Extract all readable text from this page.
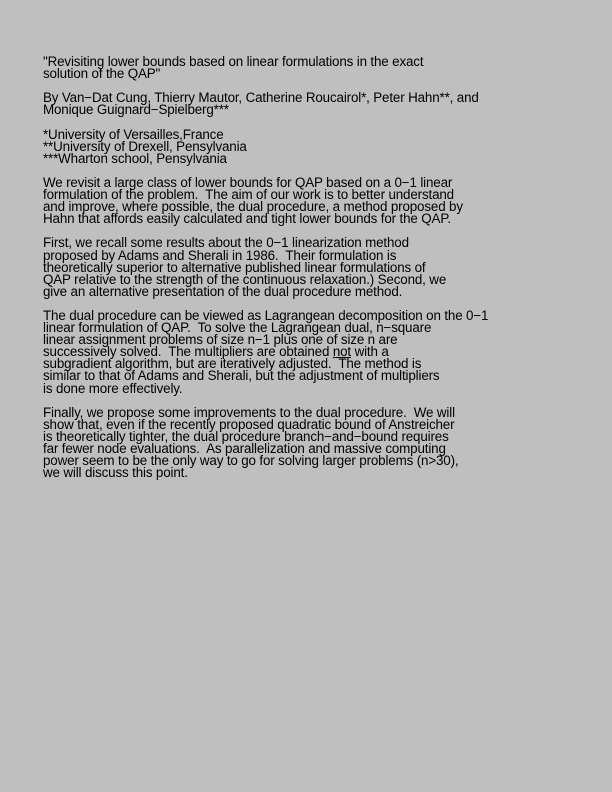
"Revisiting lower bounds based on linear formulations in the exact
solution of the QAP"
By Van−Dat Cung, Thierry Mautor, Catherine Roucairol*, Peter Hahn**, and
Monique Guignard−Spielberg***
*University of Versailles,France
**University of Drexell, Pensylvania
***Wharton school, Pensylvania
We revisit a large class of lower bounds for QAP based on a 0−1 linear
formulation of the problem.  The aim of our work is to better understand
and improve, where possible, the dual procedure, a method proposed by
Hahn that affords easily calculated and tight lower bounds for the QAP.
First, we recall some results about the 0−1 linearization method
proposed by Adams and Sherali in 1986.  Their formulation is
theoretically superior to alternative published linear formulations of
QAP relative to the strength of the continuous relaxation.) Second, we
give an alternative presentation of the dual procedure method.
The dual procedure can be viewed as Lagrangean decomposition on the 0−1
linear formulation of QAP.  To solve the Lagrangean dual, n−square
linear assignment problems of size n−1 plus one of size n are
successively solved.  The multipliers are obtained not with a
subgradient algorithm, but are iteratively adjusted.  The method is
similar to that of Adams and Sherali, but the adjustment of multipliers
is done more effectively.
Finally, we propose some improvements to the dual procedure.  We will
show that, even if the recently proposed quadratic bound of Anstreicher
is theoretically tighter, the dual procedure branch−and−bound requires
far fewer node evaluations.  As parallelization and massive computing
power seem to be the only way to go for solving larger problems (n>30),
we will discuss this point.
